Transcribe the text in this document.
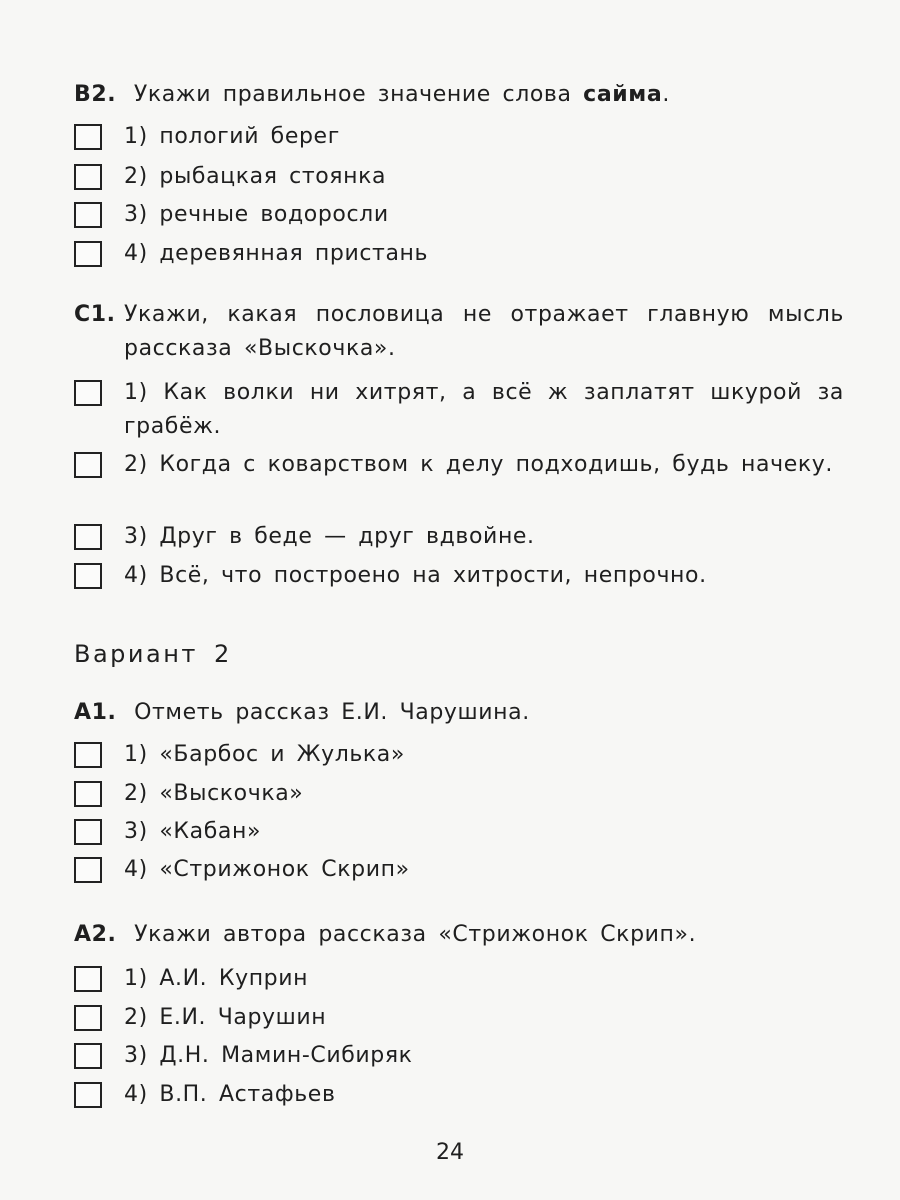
В2. Укажи правильное значение слова сайма.
1) пологий берег
2) рыбацкая стоянка
3) речные водоросли
4) деревянная пристань
С1. Укажи, какая пословица не отражает главную мысль рассказа «Выскочка».
1) Как волки ни хитрят, а всё ж заплатят шкурой за грабёж.
2) Когда с коварством к делу подходишь, будь начеку.
3) Друг в беде — друг вдвойне.
4) Всё, что построено на хитрости, непрочно.
Вариант 2
А1. Отметь рассказ Е.И. Чарушина.
1) «Барбос и Жулька»
2) «Выскочка»
3) «Кабан»
4) «Стрижонок Скрип»
А2. Укажи автора рассказа «Стрижонок Скрип».
1) А.И. Куприн
2) Е.И. Чарушин
3) Д.Н. Мамин-Сибиряк
4) В.П. Астафьев
24
